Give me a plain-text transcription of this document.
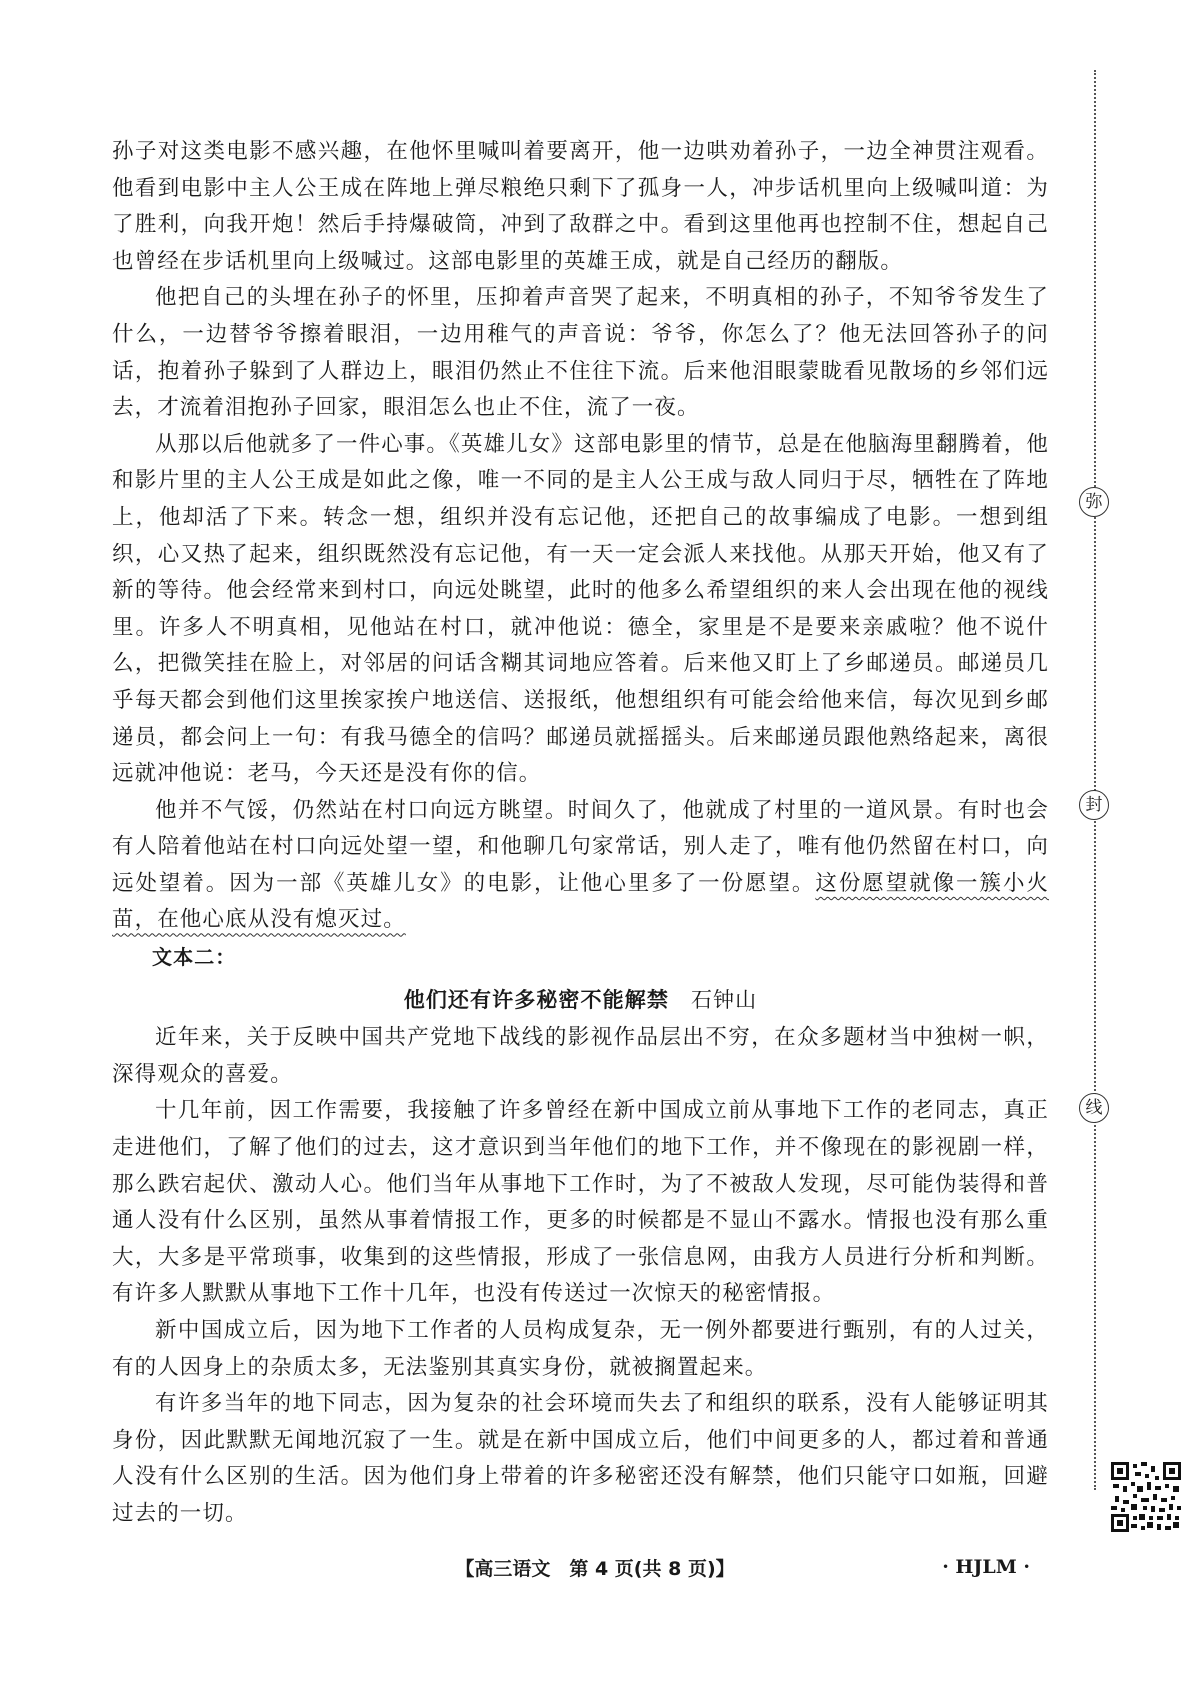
孙子对这类电影不感兴趣，在他怀里喊叫着要离开，他一边哄劝着孙子，一边全神贯注观看。他看到电影中主人公王成在阵地上弹尽粮绝只剩下了孤身一人，冲步话机里向上级喊叫道：为了胜利，向我开炮！然后手持爆破筒，冲到了敌群之中。看到这里他再也控制不住，想起自己也曾经在步话机里向上级喊过。这部电影里的英雄王成，就是自己经历的翻版。

他把自己的头埋在孙子的怀里，压抑着声音哭了起来，不明真相的孙子，不知爷爷发生了什么，一边替爷爷擦着眼泪，一边用稚气的声音说：爷爷，你怎么了？他无法回答孙子的问话，抱着孙子躲到了人群边上，眼泪仍然止不住往下流。后来他泪眼蒙眬看见散场的乡邻们远去，才流着泪抱孙子回家，眼泪怎么也止不住，流了一夜。

从那以后他就多了一件心事。《英雄儿女》这部电影里的情节，总是在他脑海里翻腾着，他和影片里的主人公王成是如此之像，唯一不同的是主人公王成与敌人同归于尽，牺牲在了阵地上，他却活了下来。转念一想，组织并没有忘记他，还把自己的故事编成了电影。一想到组织，心又热了起来，组织既然没有忘记他，有一天一定会派人来找他。从那天开始，他又有了新的等待。他会经常来到村口，向远处眺望，此时的他多么希望组织的来人会出现在他的视线里。许多人不明真相，见他站在村口，就冲他说：德全，家里是不是要来亲戚啦？他不说什么，把微笑挂在脸上，对邻居的问话含糊其词地应答着。后来他又盯上了乡邮递员。邮递员几乎每天都会到他们这里挨家挨户地送信、送报纸，他想组织有可能会给他来信，每次见到乡邮递员，都会问上一句：有我马德全的信吗？邮递员就摇摇头。后来邮递员跟他熟络起来，离很远就冲他说：老马，今天还是没有你的信。

他并不气馁，仍然站在村口向远方眺望。时间久了，他就成了村里的一道风景。有时也会有人陪着他站在村口向远处望一望，和他聊几句家常话，别人走了，唯有他仍然留在村口，向远处望着。因为一部《英雄儿女》的电影，让他心里多了一份愿望。这份愿望就像一簇小火苗，在他心底从没有熄灭过。

文本二：

他们还有许多秘密不能解禁 石钟山

近年来，关于反映中国共产党地下战线的影视作品层出不穷，在众多题材当中独树一帜，深得观众的喜爱。

十几年前，因工作需要，我接触了许多曾经在新中国成立前从事地下工作的老同志，真正走进他们，了解了他们的过去，这才意识到当年他们的地下工作，并不像现在的影视剧一样，那么跌宕起伏、激动人心。他们当年从事地下工作时，为了不被敌人发现，尽可能伪装得和普通人没有什么区别，虽然从事着情报工作，更多的时候都是不显山不露水。情报也没有那么重大，大多是平常琐事，收集到的这些情报，形成了一张信息网，由我方人员进行分析和判断。有许多人默默从事地下工作十几年，也没有传送过一次惊天的秘密情报。

新中国成立后，因为地下工作者的人员构成复杂，无一例外都要进行甄别，有的人过关，有的人因身上的杂质太多，无法鉴别其真实身份，就被搁置起来。

有许多当年的地下同志，因为复杂的社会环境而失去了和组织的联系，没有人能够证明其身份，因此默默无闻地沉寂了一生。就是在新中国成立后，他们中间更多的人，都过着和普通人没有什么区别的生活。因为他们身上带着的许多秘密还没有解禁，他们只能守口如瓶，回避过去的一切。

弥
封
线
【高三语文　第 4 页(共 8 页)】	· HJLM ·
